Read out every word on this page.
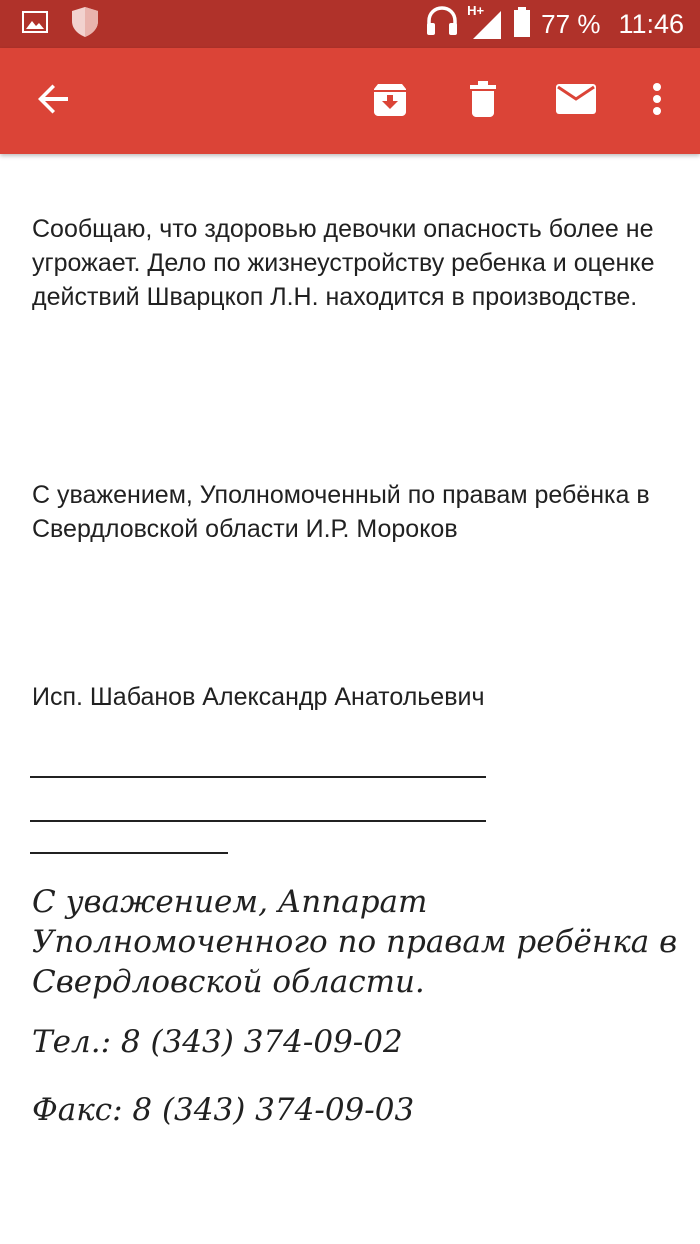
H+ 77 % 11:46

Сообщаю, что здоровью девочки опасность более не угрожает. Дело по жизнеустройству ребенка и оценке действий Шварцкоп Л.Н. находится в производстве.

С уважением, Уполномоченный по правам ребёнка в Свердловской области И.Р. Мороков

Исп. Шабанов Александр Анатольевич

С уважением, Аппарат Уполномоченного по правам ребёнка в Свердловской области.

Тел.: 8 (343) 374-09-02

Факс: 8 (343) 374-09-03
